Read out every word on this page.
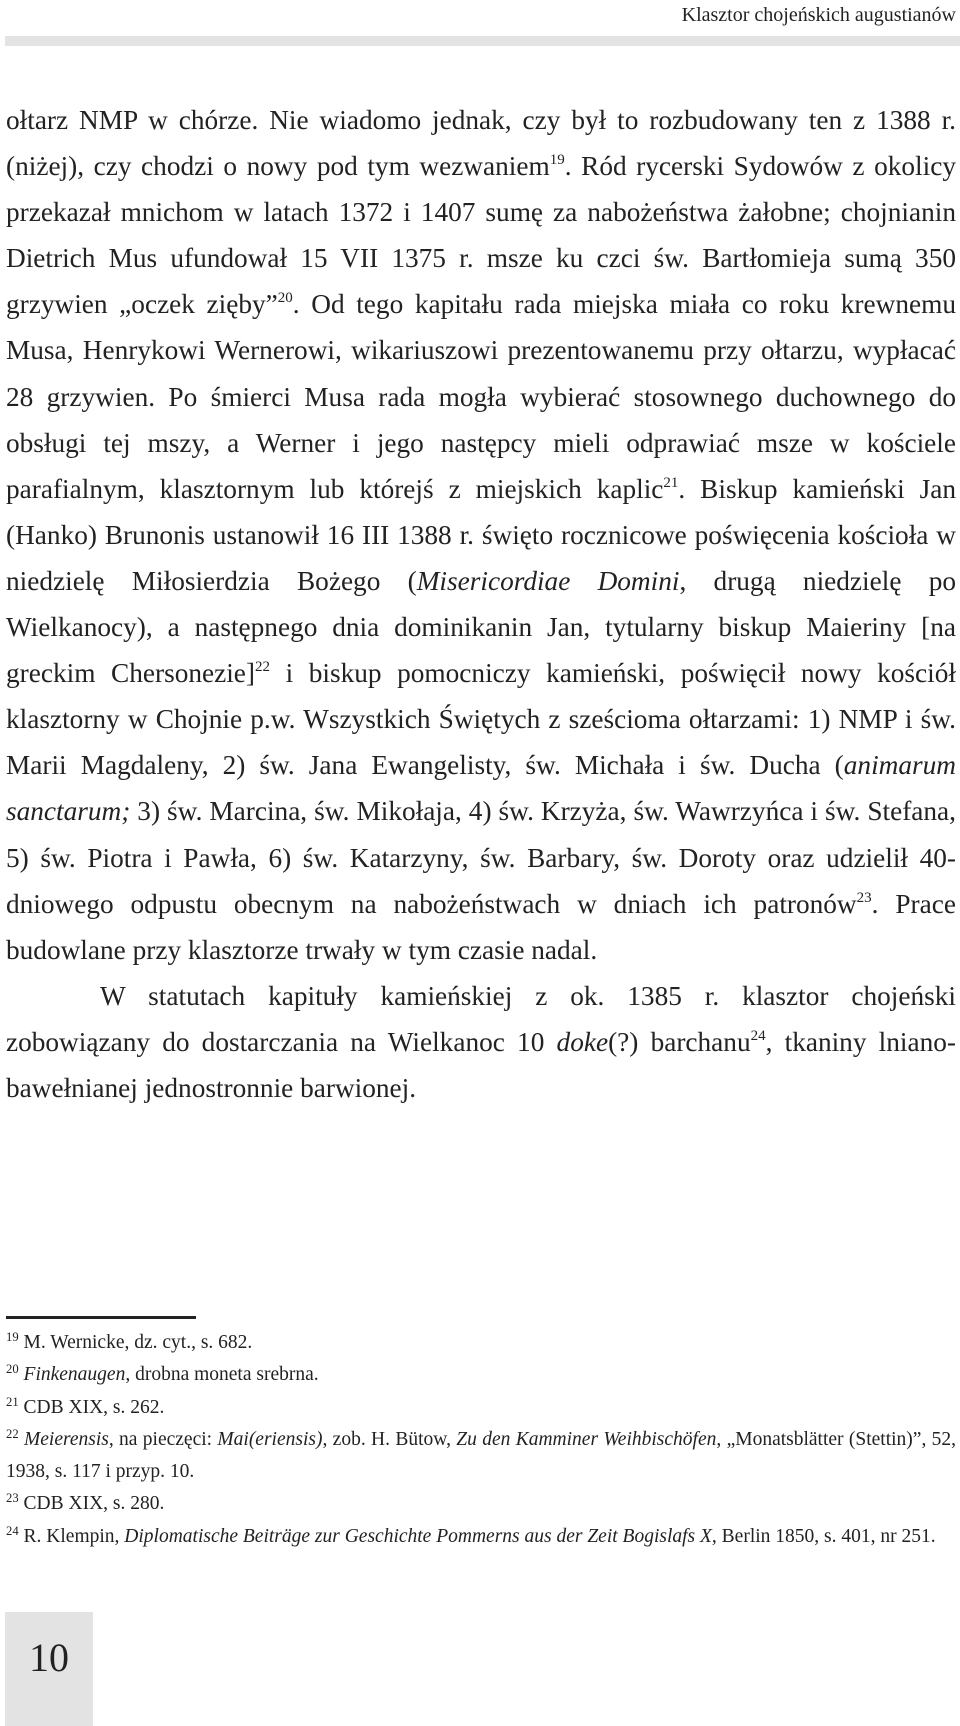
Klasztor chojeńskich augustianów

ołtarz NMP w chórze. Nie wiadomo jednak, czy był to rozbudowany ten z 1388 r. (niżej), czy chodzi o nowy pod tym wezwaniem$^{19}$. Ród rycerski Sydowów z okolicy przekazał mnichom w latach 1372 i 1407 sumę za nabożeństwa żałobne; chojnianin Dietrich Mus ufundował 15 VII 1375 r. msze ku czci św. Bartłomieja sumą 350 grzywien „oczek zięby”$^{20}$. Od tego kapitału rada miejska miała co roku krewnemu Musa, Henrykowi Wernerowi, wikariuszowi prezentowanemu przy ołtarzu, wypłacać 28 grzywien. Po śmierci Musa rada mogła wybierać stosownego duchownego do obsługi tej mszy, a Werner i jego następcy mieli odprawiać msze w kościele parafialnym, klasztornym lub którejś z miejskich kaplic$^{21}$. Biskup kamieński Jan (Hanko) Brunonis ustanowił 16 III 1388 r. święto rocznicowe poświęcenia kościoła w niedzielę Miłosierdzia Bożego (Misericordiae Domini, drugą niedzielę po Wielkanocy), a następnego dnia dominikanin Jan, tytularny biskup Maieriny [na greckim Chersonezie]$^{22}$ i biskup pomocniczy kamieński, poświęcił nowy kościół klasztorny w Chojnie p.w. Wszystkich Świętych z sześcioma ołtarzami: 1) NMP i św. Marii Magdaleny, 2) św. Jana Ewangelisty, św. Michała i św. Ducha (animarum sanctarum; 3) św. Marcina, św. Mikołaja, 4) św. Krzyża, św. Wawrzyńca i św. Stefana, 5) św. Piotra i Pawła, 6) św. Katarzyny, św. Barbary, św. Doroty oraz udzielił 40-dniowego odpustu obecnym na nabożeństwach w dniach ich patronów$^{23}$. Prace budowlane przy klasztorze trwały w tym czasie nadal.

W statutach kapituły kamieńskiej z ok. 1385 r. klasztor chojeński zobowiązany do dostarczania na Wielkanoc 10 doke(?) barchanu$^{24}$, tkaniny lniano-bawełnianej jednostronnie barwionej.

$^{19}$ M. Wernicke, dz. cyt., s. 682.

$^{20}$ Finkenaugen, drobna moneta srebrna.

$^{21}$ CDB XIX, s. 262.

$^{22}$ Meierensis, na pieczęci: Mai(eriensis), zob. H. Bütow, Zu den Kamminer Weihbischöfen, „Monatsblätter (Stettin)”, 52, 1938, s. 117 i przyp. 10.

$^{23}$ CDB XIX, s. 280.

$^{24}$ R. Klempin, Diplomatische Beiträge zur Geschichte Pommerns aus der Zeit Bogislafs X, Berlin 1850, s. 401, nr 251.

10
